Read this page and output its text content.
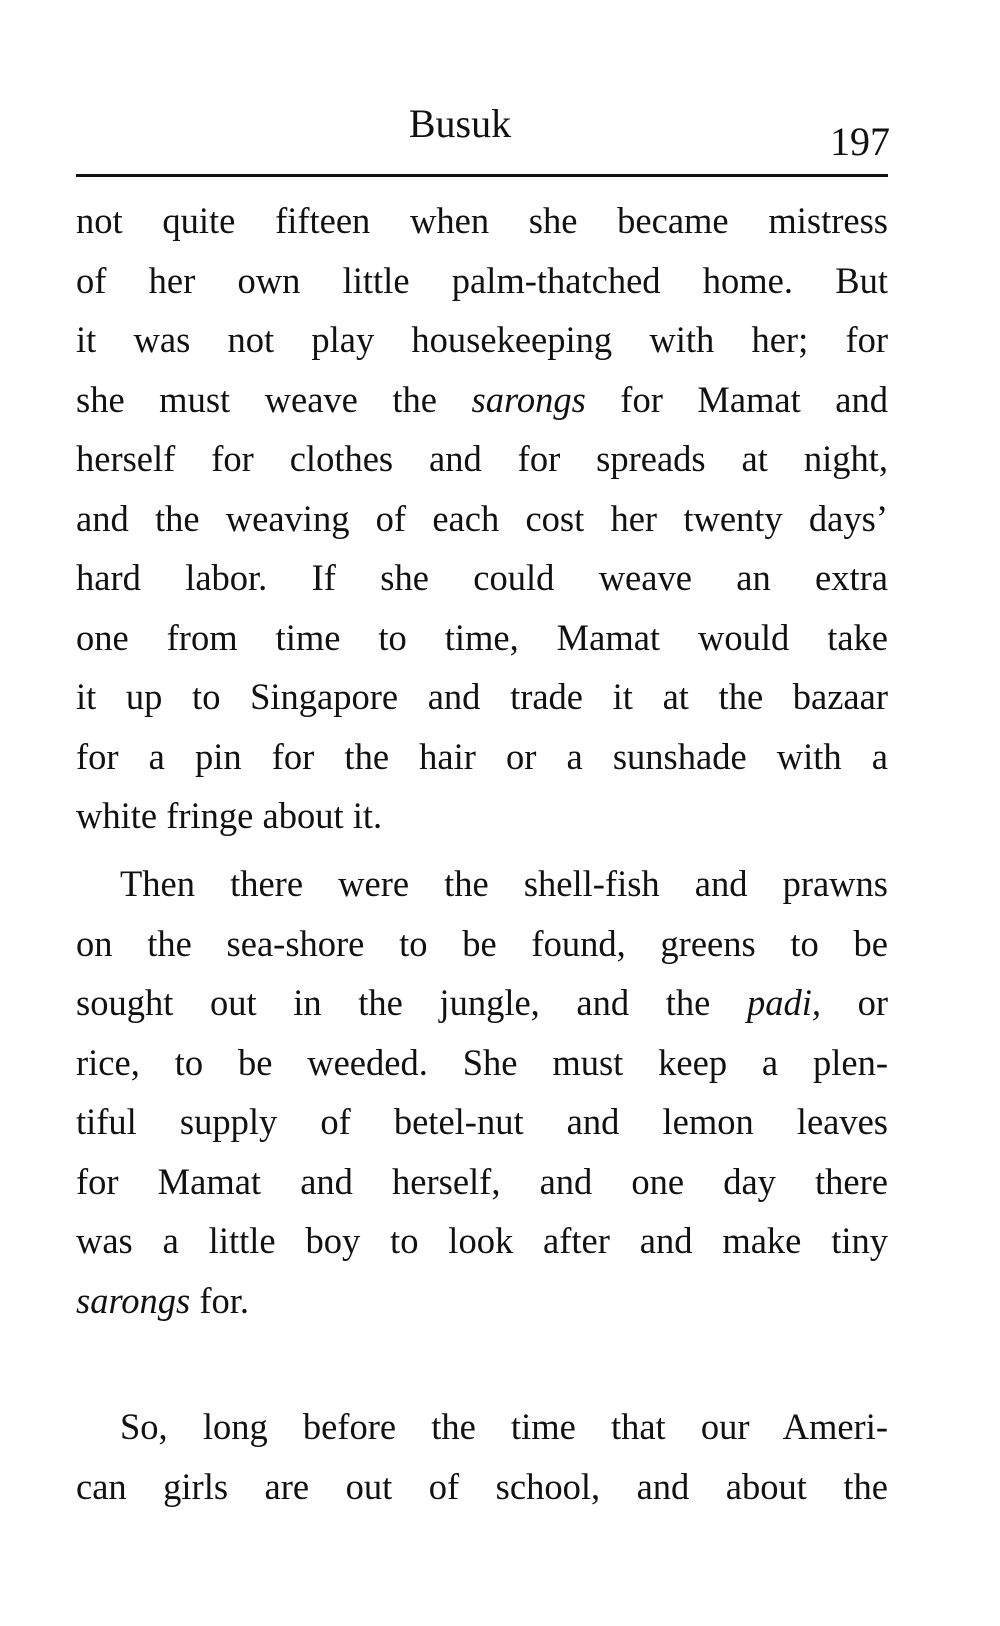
Busuk	197
not quite fifteen when she became mistress
of her own little palm-thatched home. But
it was not play housekeeping with her; for
she must weave the sarongs for Mamat and
herself for clothes and for spreads at night,
and the weaving of each cost her twenty days’
hard labor. If she could weave an extra
one from time to time, Mamat would take
it up to Singapore and trade it at the bazaar
for a pin for the hair or a sunshade with a
white fringe about it.
Then there were the shell-fish and prawns
on the sea-shore to be found, greens to be
sought out in the jungle, and the padi, or
rice, to be weeded. She must keep a plen-
tiful supply of betel-nut and lemon leaves
for Mamat and herself, and one day there
was a little boy to look after and make tiny
sarongs for.
So, long before the time that our Ameri-
can girls are out of school, and about the
